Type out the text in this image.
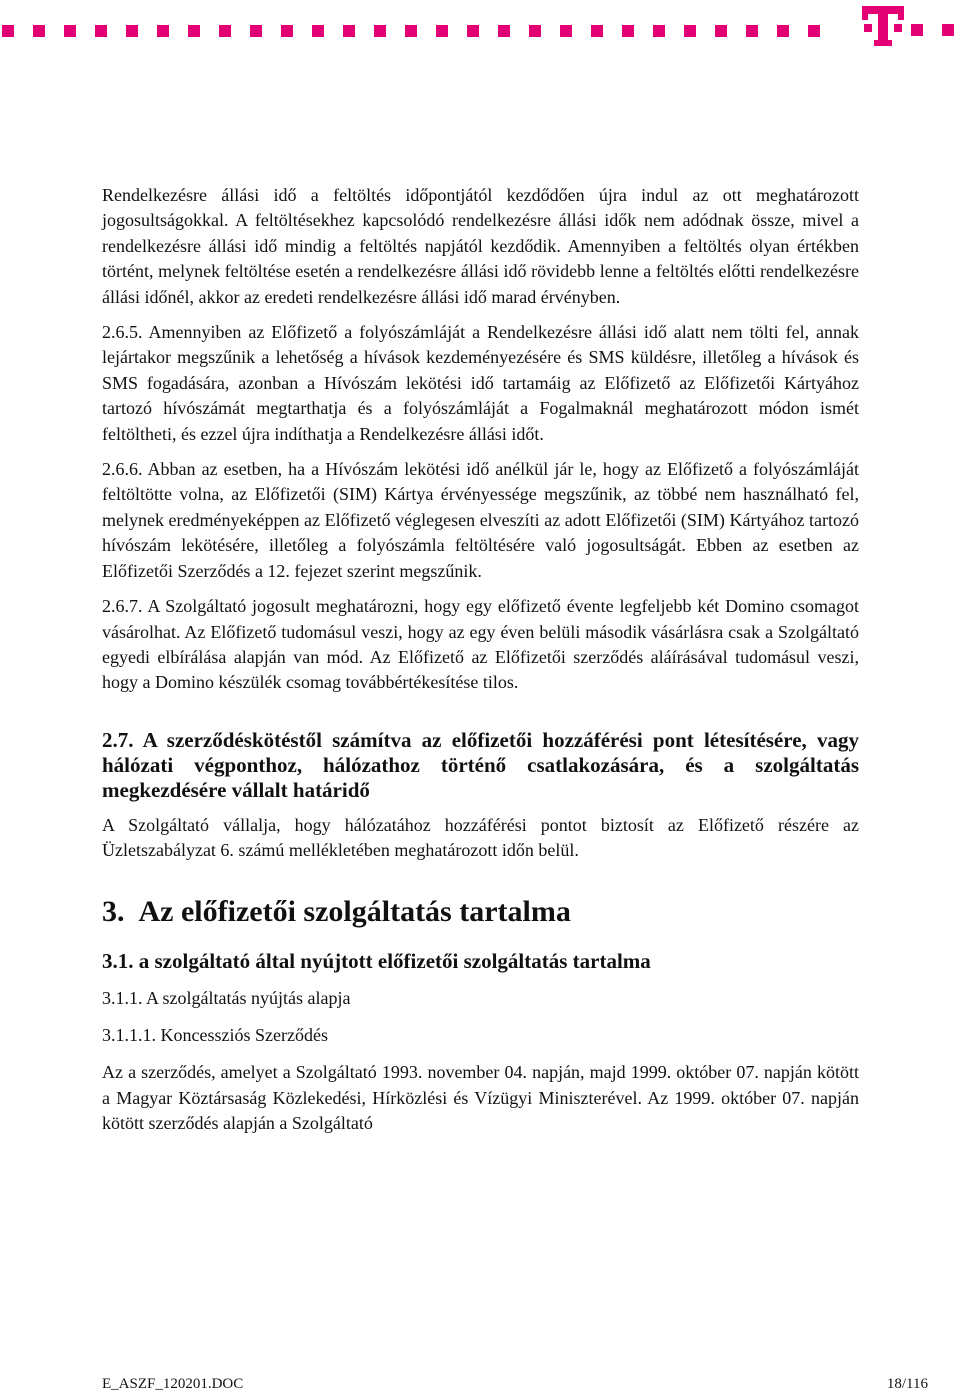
Rendelkezésre állási idő a feltöltés időpontjától kezdődően újra indul az ott meghatározott jogosultságokkal. A feltöltésekhez kapcsolódó rendelkezésre állási idők nem adódnak össze, mivel a rendelkezésre állási idő mindig a feltöltés napjától kezdődik. Amennyiben a feltöltés olyan értékben történt, melynek feltöltése esetén a rendelkezésre állási idő rövidebb lenne a feltöltés előtti rendelkezésre állási időnél, akkor az eredeti rendelkezésre állási idő marad érvényben.

2.6.5. Amennyiben az Előfizető a folyószámláját a Rendelkezésre állási idő alatt nem tölti fel, annak lejártakor megszűnik a lehetőség a hívások kezdeményezésére és SMS küldésre, illetőleg a hívások és SMS fogadására, azonban a Hívószám lekötési idő tartamáig az Előfizető az Előfizetői Kártyához tartozó hívószámát megtarthatja és a folyószámláját a Fogalmaknál meghatározott módon ismét feltöltheti, és ezzel újra indíthatja a Rendelkezésre állási időt.

2.6.6. Abban az esetben, ha a Hívószám lekötési idő anélkül jár le, hogy az Előfizető a folyószámláját feltöltötte volna, az Előfizetői (SIM) Kártya érvényessége megszűnik, az többé nem használható fel, melynek eredményeképpen az Előfizető véglegesen elveszíti az adott Előfizetői (SIM) Kártyához tartozó hívószám lekötésére, illetőleg a folyószámla feltöltésére való jogosultságát. Ebben az esetben az Előfizetői Szerződés a 12. fejezet szerint megszűnik.

2.6.7. A Szolgáltató jogosult meghatározni, hogy egy előfizető évente legfeljebb két Domino csomagot vásárolhat. Az Előfizető tudomásul veszi, hogy az egy éven belüli második vásárlásra csak a Szolgáltató egyedi elbírálása alapján van mód. Az Előfizető az Előfizetői szerződés aláírásával tudomásul veszi, hogy a Domino készülék csomag továbbértékesítése tilos.

2.7. A szerződéskötéstől számítva az előfizetői hozzáférési pont létesítésére, vagy hálózati végponthoz, hálózathoz történő csatlakozására, és a szolgáltatás megkezdésére vállalt határidő

A Szolgáltató vállalja, hogy hálózatához hozzáférési pontot biztosít az Előfizető részére az Üzletszabályzat 6. számú mellékletében meghatározott időn belül.

3. Az előfizetői szolgáltatás tartalma
3.1. a szolgáltató által nyújtott előfizetői szolgáltatás tartalma

3.1.1. A szolgáltatás nyújtás alapja

3.1.1.1. Koncessziós Szerződés

Az a szerződés, amelyet a Szolgáltató 1993. november 04. napján, majd 1999. október 07. napján kötött a Magyar Köztársaság Közlekedési, Hírközlési és Vízügyi Miniszterével. Az 1999. október 07. napján kötött szerződés alapján a Szolgáltató

E_ASZF_120201.DOC	18/116
